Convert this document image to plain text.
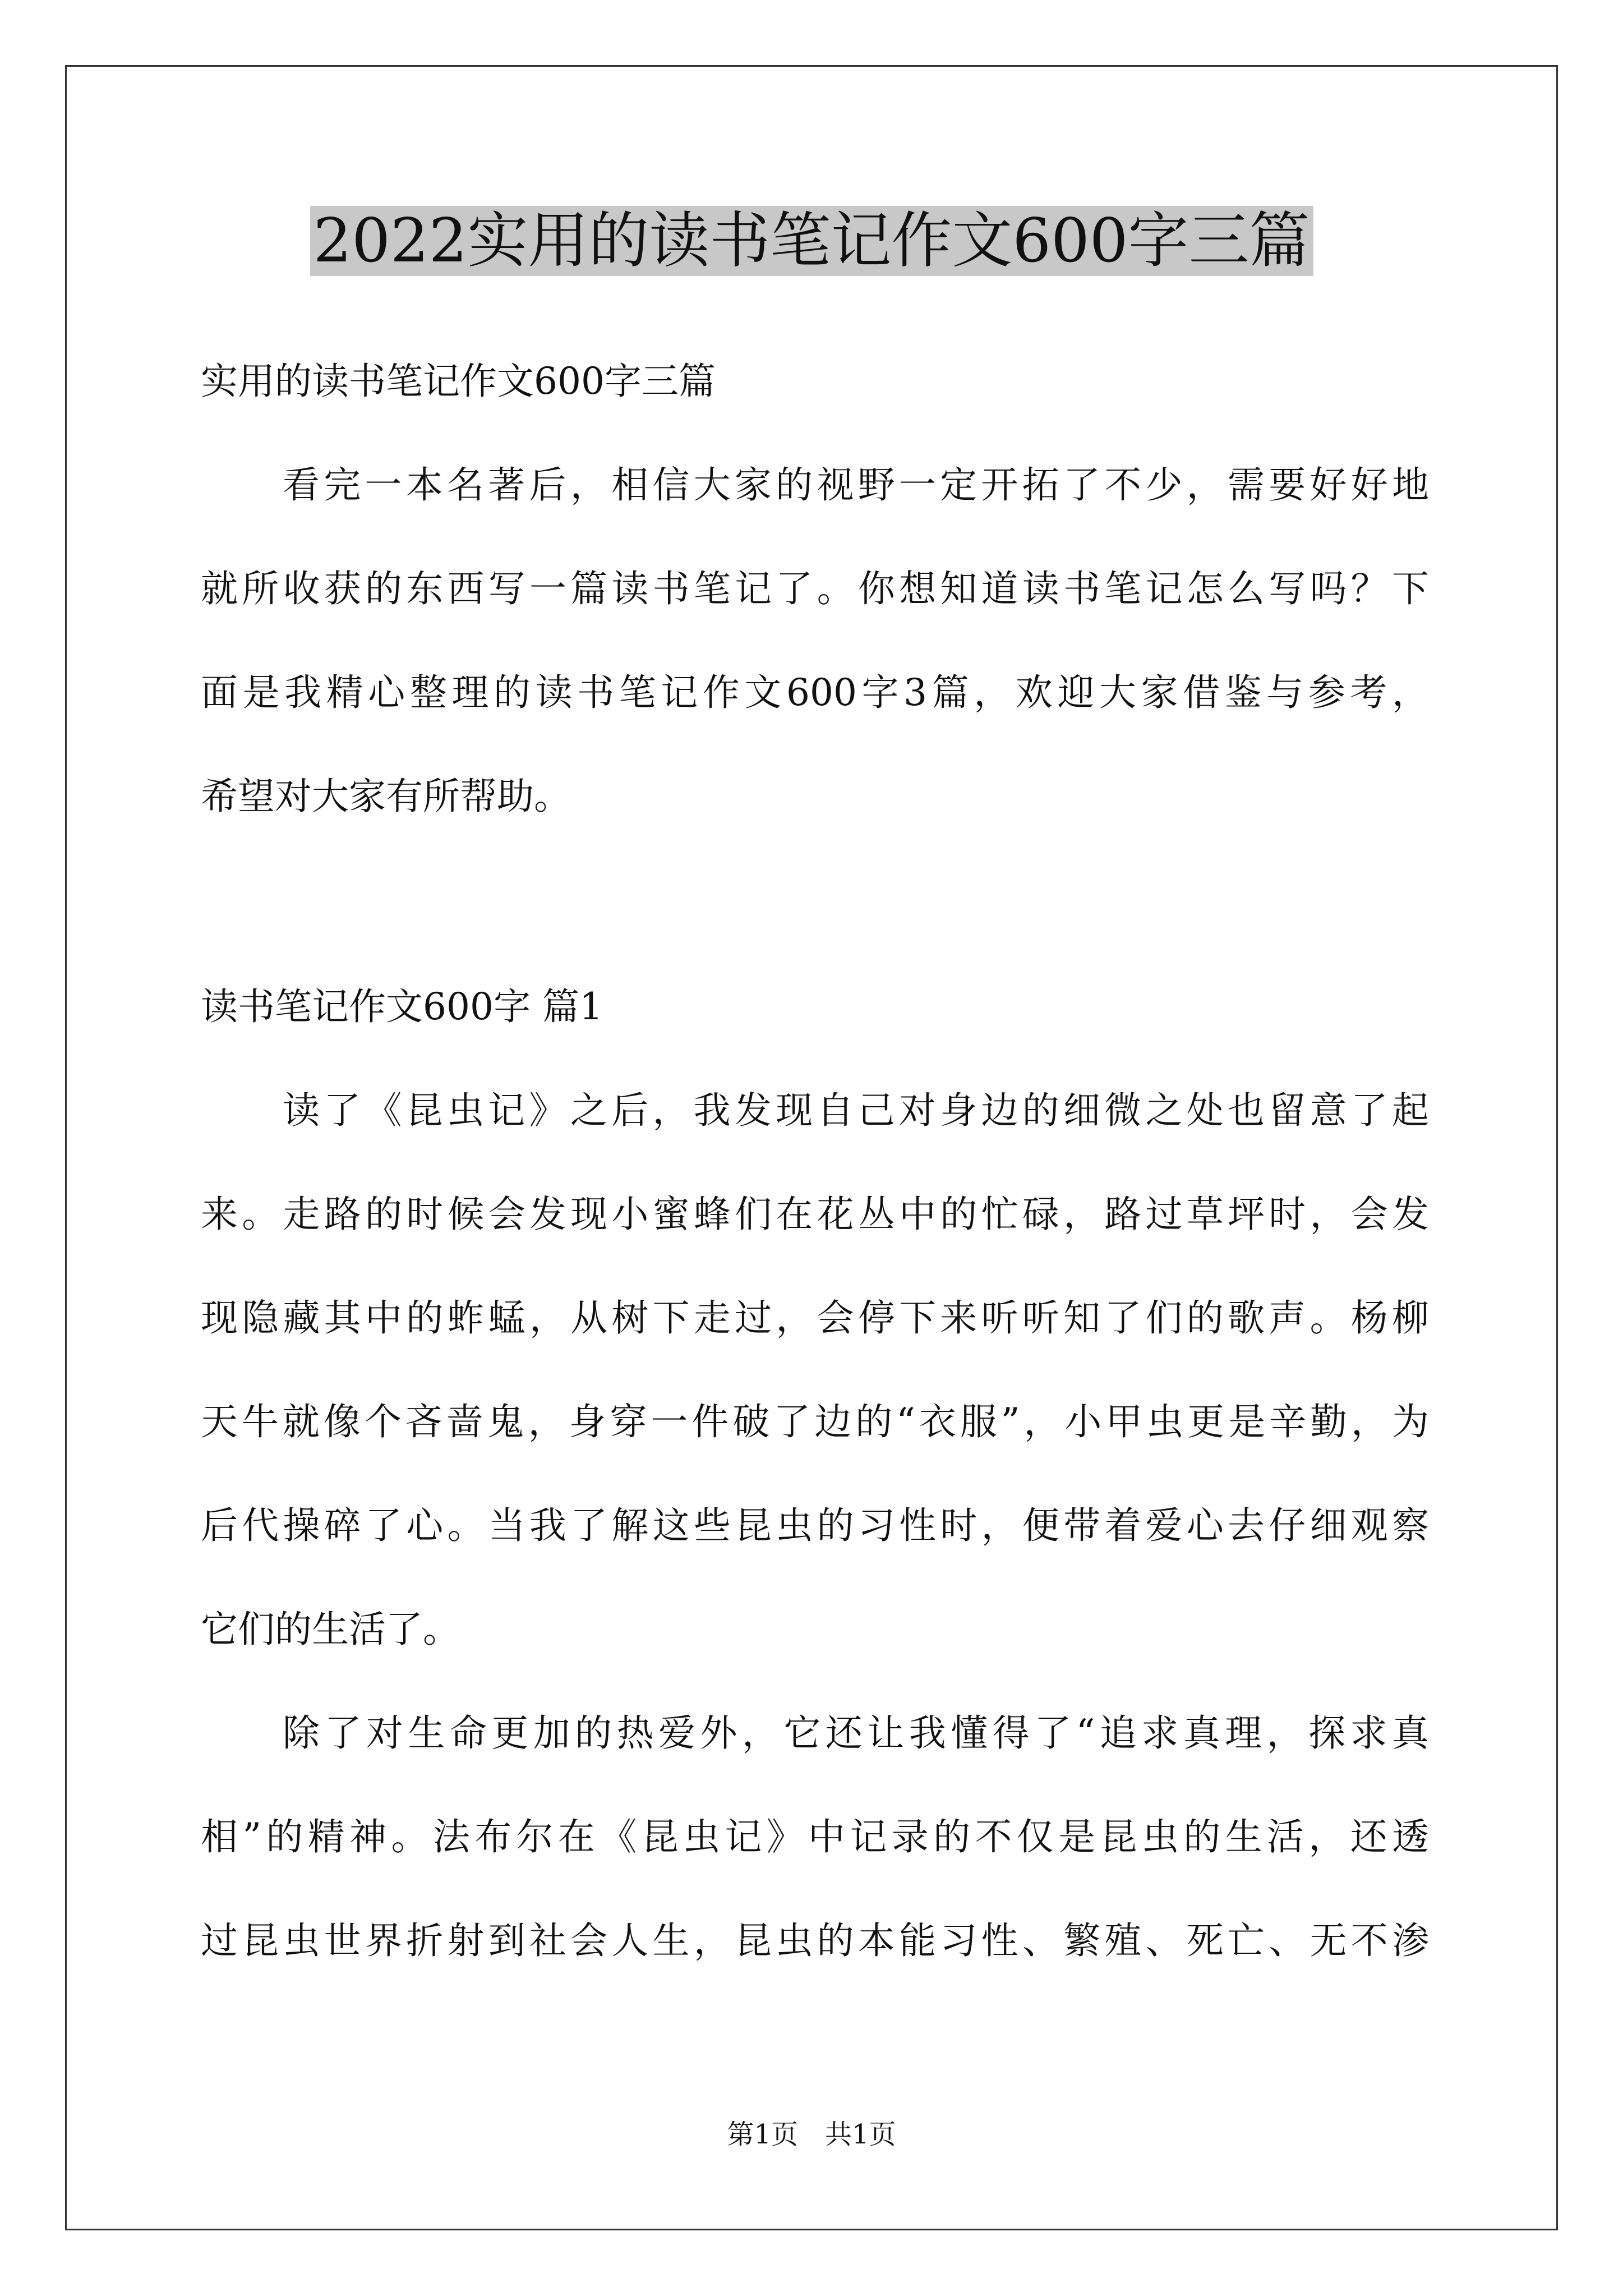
2022实用的读书笔记作文600字三篇

实用的读书笔记作文600字三篇

看完一本名著后，相信大家的视野一定开拓了不少，需要好好地

就所收获的东西写一篇读书笔记了。你想知道读书笔记怎么写吗？下

面是我精心整理的读书笔记作文600字3篇，欢迎大家借鉴与参考，

希望对大家有所帮助。

读书笔记作文600字 篇1

读了《昆虫记》之后，我发现自己对身边的细微之处也留意了起

来。走路的时候会发现小蜜蜂们在花丛中的忙碌，路过草坪时，会发

现隐藏其中的蚱蜢，从树下走过，会停下来听听知了们的歌声。杨柳

天牛就像个吝啬鬼，身穿一件破了边的“衣服”，小甲虫更是辛勤，为

后代操碎了心。当我了解这些昆虫的习性时，便带着爱心去仔细观察

它们的生活了。

除了对生命更加的热爱外，它还让我懂得了“追求真理，探求真

相”的精神。法布尔在《昆虫记》中记录的不仅是昆虫的生活，还透

过昆虫世界折射到社会人生，昆虫的本能习性、繁殖、死亡、无不渗

第1页　共1页
